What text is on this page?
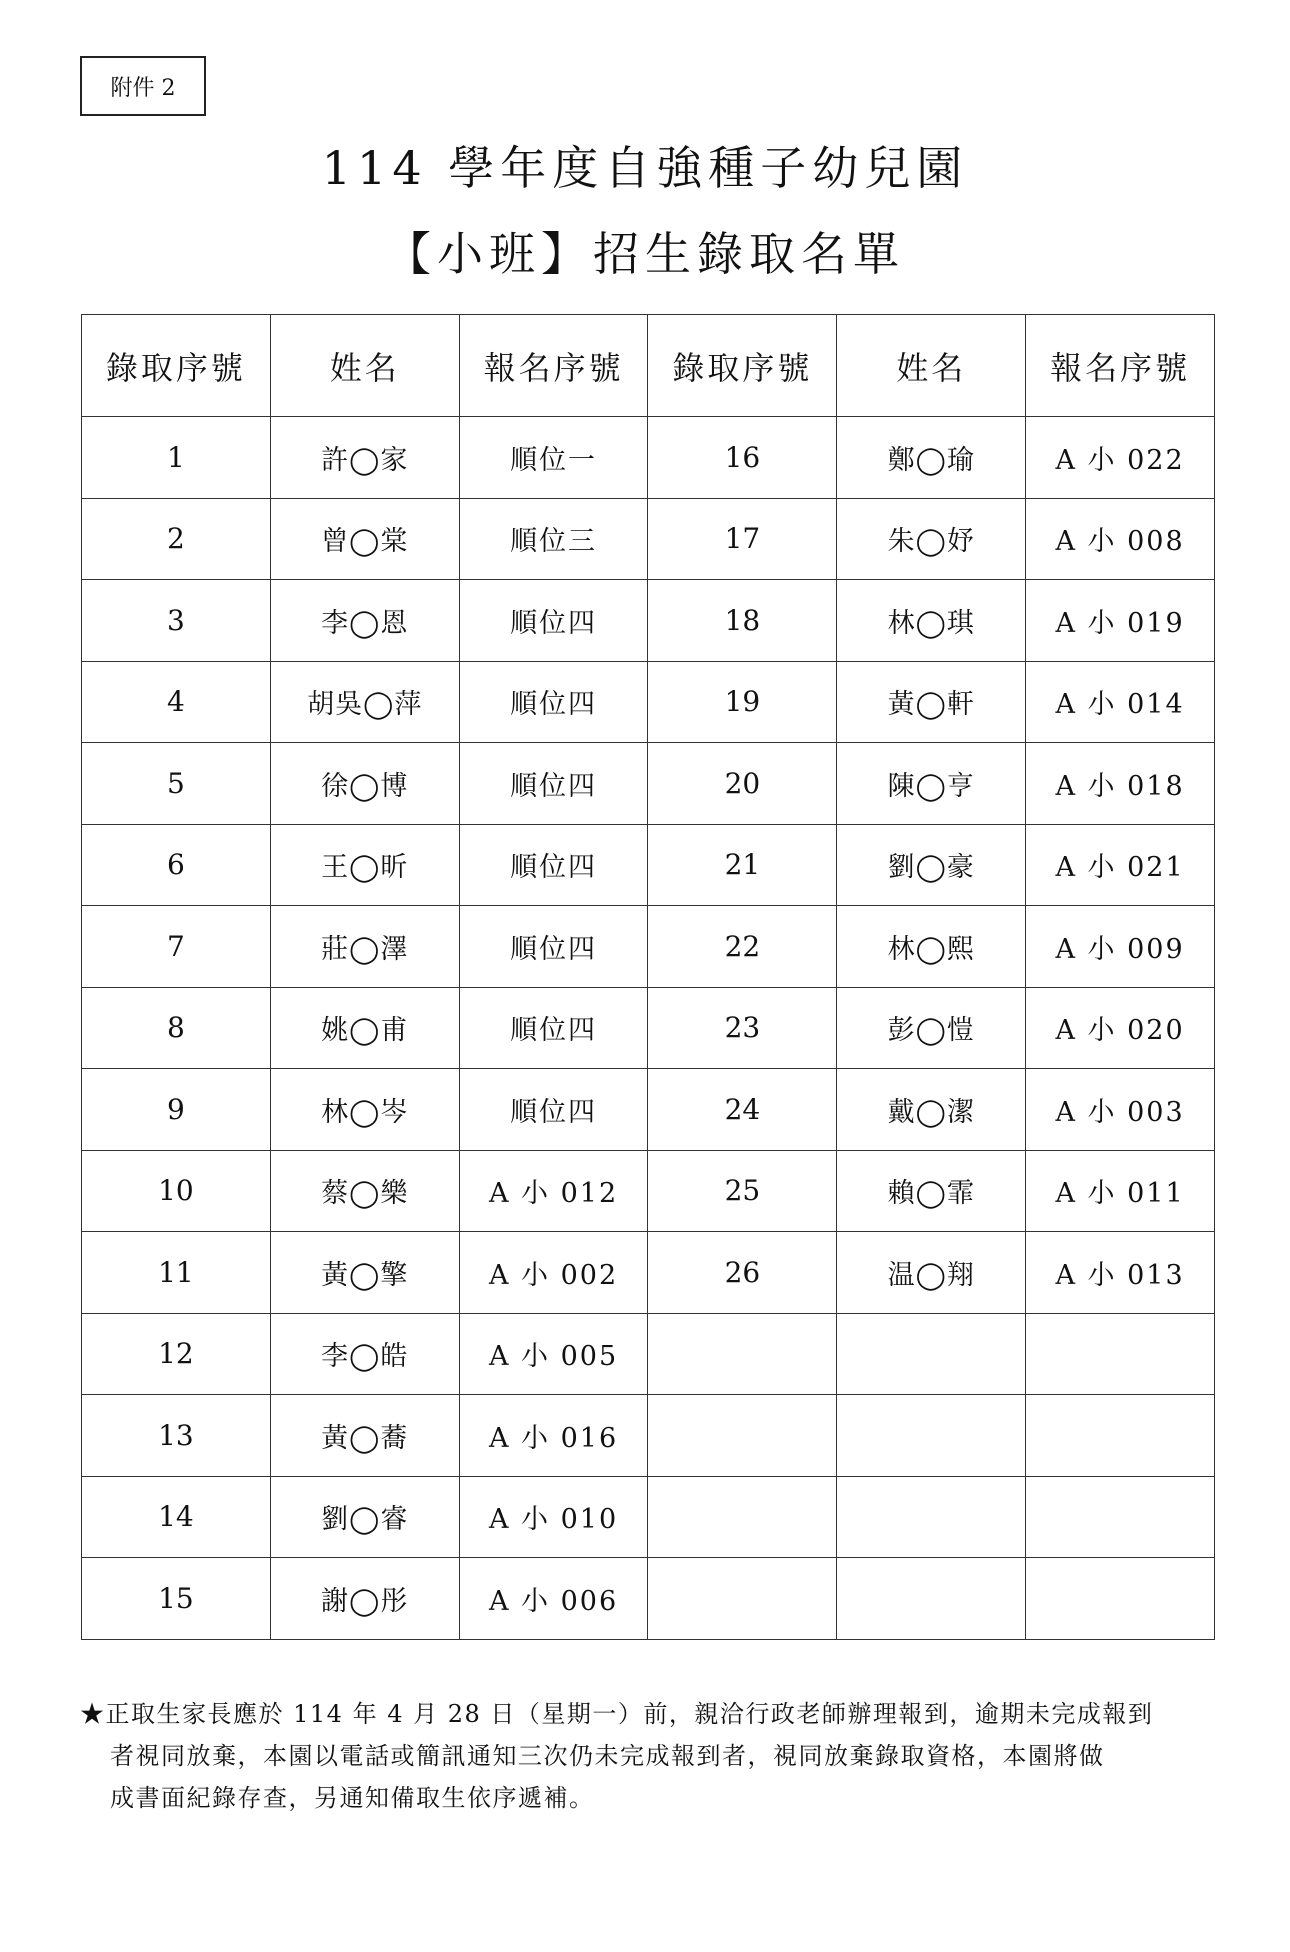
附件 2
114 學年度自強種子幼兒園
【小班】招生錄取名單
錄取序號	姓名	報名序號	錄取序號	姓名	報名序號
1	許◯家	順位一	16	鄭◯瑜	A 小 022
2	曾◯棠	順位三	17	朱◯妤	A 小 008
3	李◯恩	順位四	18	林◯琪	A 小 019
4	胡吳◯萍	順位四	19	黃◯軒	A 小 014
5	徐◯博	順位四	20	陳◯亨	A 小 018
6	王◯昕	順位四	21	劉◯豪	A 小 021
7	莊◯澤	順位四	22	林◯熙	A 小 009
8	姚◯甫	順位四	23	彭◯愷	A 小 020
9	林◯岑	順位四	24	戴◯潔	A 小 003
10	蔡◯樂	A 小 012	25	賴◯霏	A 小 011
11	黃◯擎	A 小 002	26	温◯翔	A 小 013
12	李◯皓	A 小 005			
13	黃◯蕎	A 小 016			
14	劉◯睿	A 小 010			
15	謝◯彤	A 小 006			
★正取生家長應於 114 年 4 月 28 日（星期一）前，親洽行政老師辦理報到，逾期未完成報到
者視同放棄，本園以電話或簡訊通知三次仍未完成報到者，視同放棄錄取資格，本園將做
成書面紀錄存查，另通知備取生依序遞補。
